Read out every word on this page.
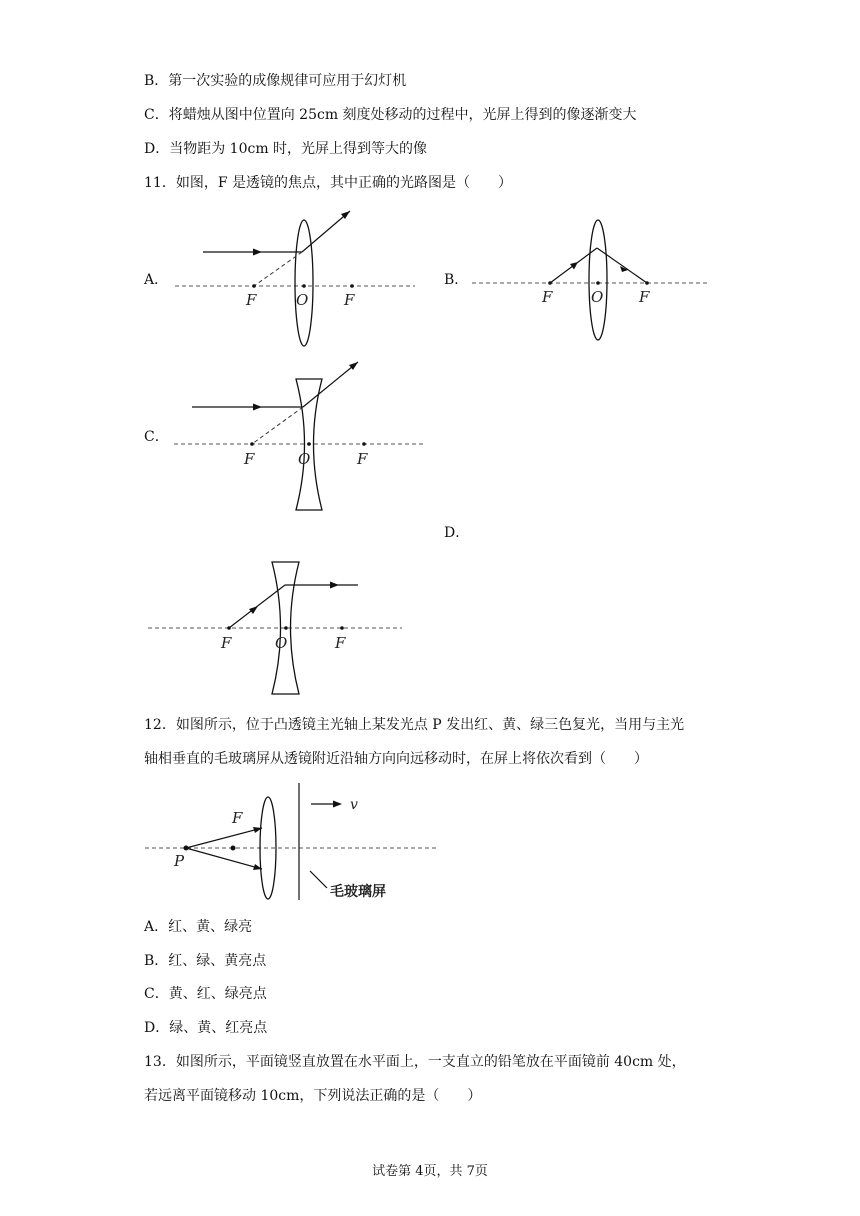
B．第一次实验的成像规律可应用于幻灯机
C．将蜡烛从图中位置向 25cm 刻度处移动的过程中，光屏上得到的像逐渐变大
D．当物距为 10cm 时，光屏上得到等大的像
11．如图，F 是透镜的焦点，其中正确的光路图是（　　）
A．	B．
C．
D．
F	O F	F	O F
F	O	F
F	O	F
12．如图所示，位于凸透镜主光轴上某发光点 P 发出红、黄、绿三色复光，当用与主光
轴相垂直的毛玻璃屏从透镜附近沿轴方向向远移动时，在屏上将依次看到（　　）
P
F
v
毛玻璃屏
A．红、黄、绿亮
B．红、绿、黄亮点
C．黄、红、绿亮点
D．绿、黄、红亮点
13．如图所示，平面镜竖直放置在水平面上，一支直立的铅笔放在平面镜前 40cm 处，
若远离平面镜移动 10cm，下列说法正确的是（　　）
试卷第 4页，共 7页
